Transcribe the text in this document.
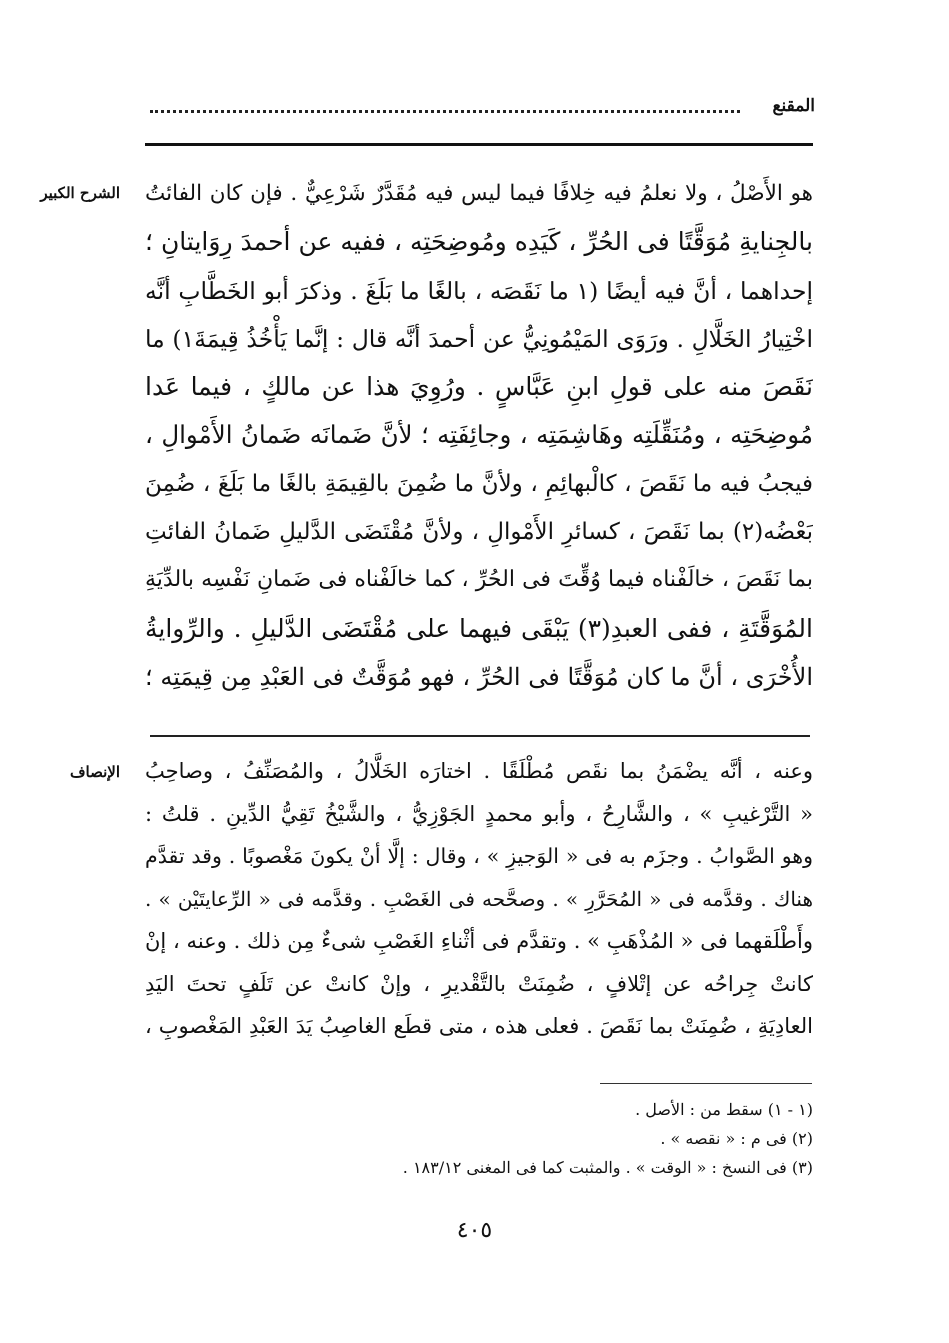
المقنع
الشرح الكبير هو الأَصْلُ ، ولا نعلمُ فيه خِلافًا فيما ليس فيه مُقَدَّرٌ شَرْعِيٌّ . فإن كان الفائتُ
بالجِنايةِ مُوَقَّتًا فى الحُرِّ ، كَيَدِه ومُوضِحَتِه ، ففيه عن أحمدَ رِوَايتانِ ؛
إحداهما ، أنَّ فيه أيضًا (١ ما نَقَصَه ، بالغًا ما بَلَغَ . وذكرَ أبو الخَطَّابِ أنَّه
اخْتِيارُ الخَلَّالِ . ورَوَى المَيْمُونِيُّ عن أحمدَ أنَّه قال : إنَّما يَأْخُذُ قِيمَةَ١) ما
نَقَصَ منه على قولِ ابنِ عَبَّاسٍ . ورُوِيَ هذا عن مالكٍ ، فيما عَدا
مُوضِحَتِه ، ومُنَقِّلَتِه وهَاشِمَتِه ، وجائِفَتِه ؛ لأنَّ ضَمانَه ضَمانُ الأَمْوالِ ،
فيجبُ فيه ما نَقَصَ ، كالْبهائِمِ ، ولأنَّ ما ضُمِنَ بالقِيمَةِ بالغًا ما بَلَغَ ، ضُمِنَ
بَعْضُه(٢) بما نَقَصَ ، كسائرِ الأَمْوالِ ، ولأنَّ مُقْتَضَى الدَّليلِ ضَمانُ الفائتِ
بما نَقَصَ ، خالَفْناه فيما وُقِّتَ فى الحُرِّ ، كما خالَفْناه فى ضَمانِ نَفْسِه بالدِّيَةِ
المُوَقَّتَةِ ، ففى العبدِ(٣) يَبْقَى فيهما على مُقْتَضَى الدَّليلِ . والرِّوايةُ
الأُخْرَى ، أنَّ ما كان مُوَقَّتًا فى الحُرِّ ، فهو مُوَقَّتٌ فى العَبْدِ مِن قِيمَتِه ؛
الإنصاف وعنه ، أنَّه يضْمَنُ بما نقَص مُطْلَقًا . اختارَه الخَلَّالُ ، والمُصَنِّفُ ، وصاحِبُ
« التَّرْغيبِ » ، والشَّارِحُ ، وأبو محمدٍ الجَوْزِيُّ ، والشَّيْخُ تَقِيُّ الدِّينِ . قلتُ :
وهو الصَّوابُ . وجزَم به فى « الوَجيزِ » ، وقال : إلَّا أنْ يكونَ مَغْصوبًا . وقد تقدَّم
هناك . وقدَّمه فى « المُحَرَّرِ » . وصحَّحه فى الغَصْبِ . وقدَّمه فى « الرِّعايتَيْن » .
وأَطْلَقهما فى « المُذْهَبِ » . وتقدَّم فى أثْناءِ الغَصْبِ شىءٌ مِن ذلك . وعنه ، إنْ
كانتْ جِراحُه عن إتْلافٍ ، ضُمِنَتْ بالتَّقْديرِ ، وإنْ كانتْ عن تَلَفٍ تحتَ اليَدِ
العادِيَةِ ، ضُمِنَتْ بما نَقَصَ . فعلى هذه ، متى قطَع الغاصِبُ يَدَ العَبْدِ المَغْصوبِ ،
(١ - ١) سقط من : الأصل .
(٢) فى م : « نقصه » .
(٣) فى النسخ : « الوقت » . والمثبت كما فى المغنى ١٨٣/١٢ .
٤٠٥
